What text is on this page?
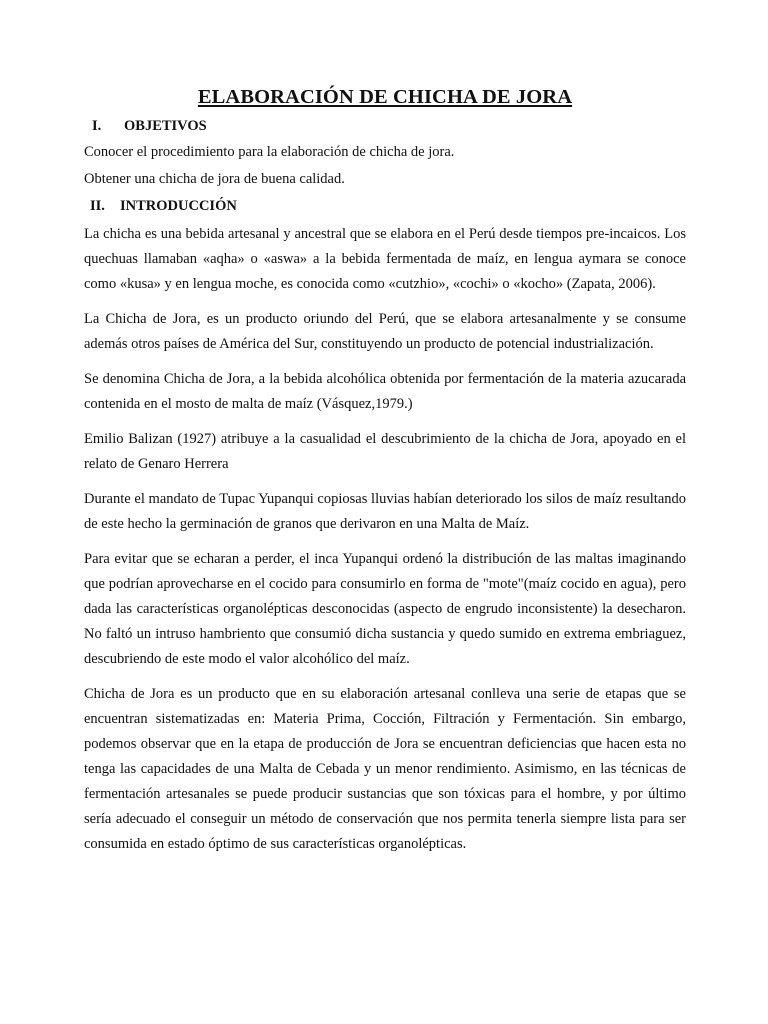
ELABORACIÓN DE CHICHA DE JORA
I.	OBJETIVOS
Conocer el procedimiento para la elaboración de chicha de jora.
Obtener una chicha de jora de buena calidad.
II.	INTRODUCCIÓN

La chicha es una bebida artesanal y ancestral que se elabora en el Perú desde tiempos pre-incaicos. Los quechuas llamaban «aqha» o «aswa» a la bebida fermentada de maíz, en lengua aymara se conoce como «kusa» y en lengua moche, es conocida como «cutzhio», «cochi» o «kocho» (Zapata, 2006).

La Chicha de Jora, es un producto oriundo del Perú, que se elabora artesanalmente y se consume además otros países de América del Sur, constituyendo un producto de potencial industrialización.

Se denomina Chicha de Jora, a la bebida alcohólica obtenida por fermentación de la materia azucarada contenida en el mosto de malta de maíz (Vásquez,1979.)

Emilio Balizan (1927) atribuye a la casualidad el descubrimiento de la chicha de Jora, apoyado en el relato de Genaro Herrera

Durante el mandato de Tupac Yupanqui copiosas lluvias habían deteriorado los silos de maíz resultando de este hecho la germinación de granos que derivaron en una Malta de Maíz.

Para evitar que se echaran a perder, el inca Yupanqui ordenó la distribución de las maltas imaginando que podrían aprovecharse en el cocido para consumirlo en forma de "mote"(maíz cocido en agua), pero dada las características organolépticas desconocidas (aspecto de engrudo inconsistente) la desecharon. No faltó un intruso hambriento que consumió dicha sustancia y quedo sumido en extrema embriaguez, descubriendo de este modo el valor alcohólico del maíz.

Chicha de Jora es un producto que en su elaboración artesanal conlleva una serie de etapas que se encuentran sistematizadas en: Materia Prima, Cocción, Filtración y Fermentación. Sin embargo, podemos observar que en la etapa de producción de Jora se encuentran deficiencias que hacen esta no tenga las capacidades de una Malta de Cebada y un menor rendimiento. Asimismo, en las técnicas de fermentación artesanales se puede producir sustancias que son tóxicas para el hombre, y por último sería adecuado el conseguir un método de conservación que nos permita tenerla siempre lista para ser consumida en estado óptimo de sus características organolépticas.
